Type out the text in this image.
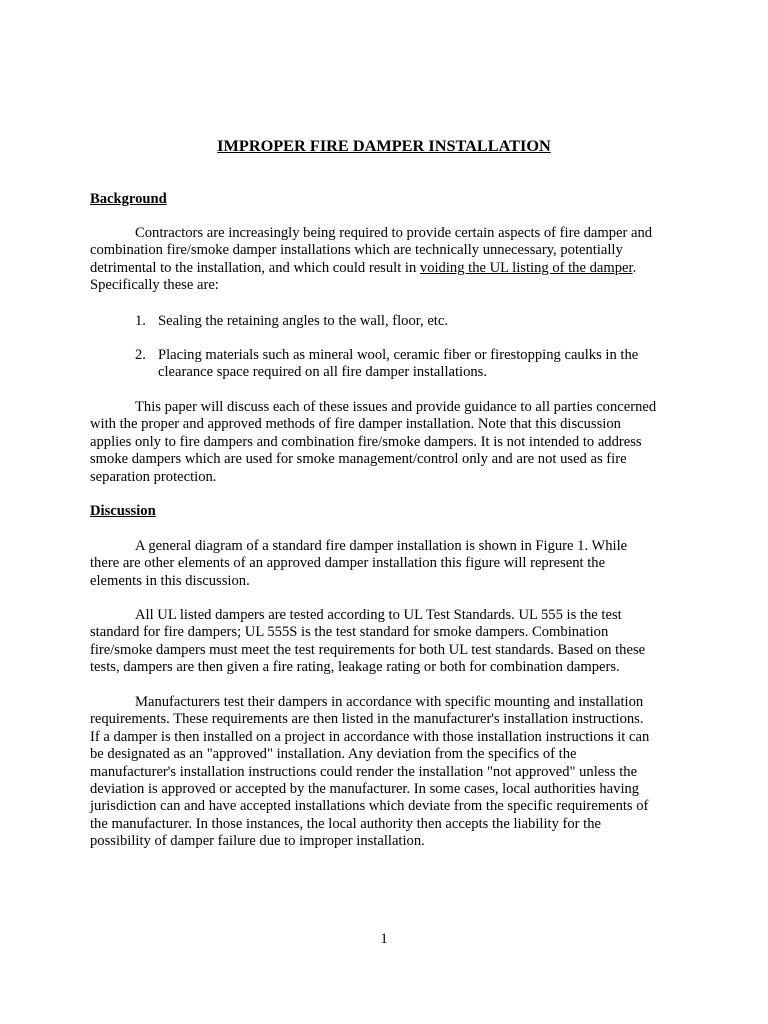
IMPROPER FIRE DAMPER INSTALLATION
Background
Contractors are increasingly being required to provide certain aspects of fire damper and
combination fire/smoke damper installations which are technically unnecessary, potentially
detrimental to the installation, and which could result in voiding the UL listing of the damper.
Specifically these are:
1. Sealing the retaining angles to the wall, floor, etc.
2. Placing materials such as mineral wool, ceramic fiber or firestopping caulks in the
clearance space required on all fire damper installations.
This paper will discuss each of these issues and provide guidance to all parties concerned
with the proper and approved methods of fire damper installation. Note that this discussion
applies only to fire dampers and combination fire/smoke dampers. It is not intended to address
smoke dampers which are used for smoke management/control only and are not used as fire
separation protection.
Discussion
A general diagram of a standard fire damper installation is shown in Figure 1. While
there are other elements of an approved damper installation this figure will represent the
elements in this discussion.
All UL listed dampers are tested according to UL Test Standards. UL 555 is the test
standard for fire dampers; UL 555S is the test standard for smoke dampers. Combination
fire/smoke dampers must meet the test requirements for both UL test standards. Based on these
tests, dampers are then given a fire rating, leakage rating or both for combination dampers.
Manufacturers test their dampers in accordance with specific mounting and installation
requirements. These requirements are then listed in the manufacturer's installation instructions.
If a damper is then installed on a project in accordance with those installation instructions it can
be designated as an "approved" installation. Any deviation from the specifics of the
manufacturer's installation instructions could render the installation "not approved" unless the
deviation is approved or accepted by the manufacturer. In some cases, local authorities having
jurisdiction can and have accepted installations which deviate from the specific requirements of
the manufacturer. In those instances, the local authority then accepts the liability for the
possibility of damper failure due to improper installation.
1
